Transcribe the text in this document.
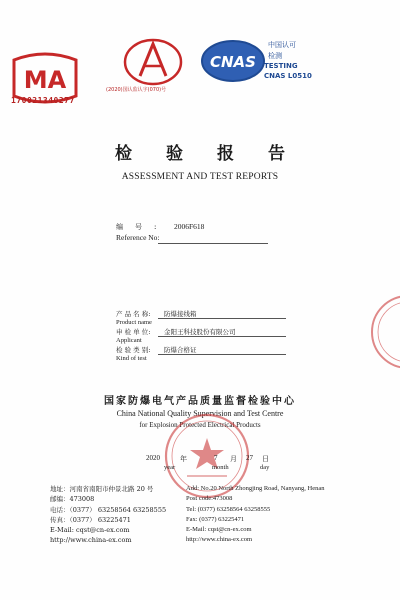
MA
170021340277
(2020)国认监认字(070)号
CNAS
中国认可
检测
TESTING
CNAS L0510
检验报告
ASSESSMENT AND TEST REPORTS
编号: 2006F618
Reference No:
产 品 名 称: 防爆接线箱
Product name
申 检 单 位: 金阳王科技股份有限公司
Applicant
检 验 类 别: 防爆合格证
Kind of test
国家防爆电气产品质量监督检验中心
China National Quality Supervision and Test Centre
for Explosion Protected Electrical Products
2020	年	7 月 27 日
year	month	day
地址：河南省南阳市仲景北路 20 号
邮编：473008
电话：（0377） 63258564 63258555
传真：（0377） 63225471
E-Mail: cqst@cn-ex.com
http://www.china-ex.com
Add: No.20 North Zhongjing Road, Nanyang, Henan
Post code:473008
Tel: (0377) 63258564 63258555
Fax: (0377) 63225471
E-Mail: cqst@cn-ex.com
http://www.china-ex.com
